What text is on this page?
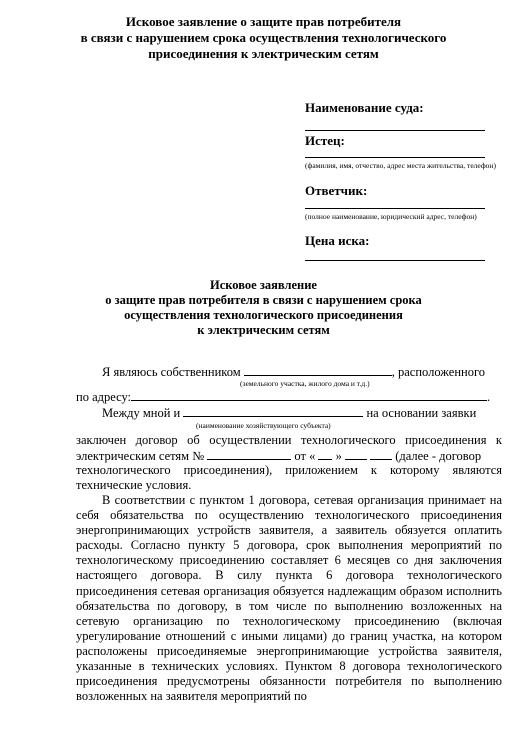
Исковое заявление о защите прав потребителя
в связи с нарушением срока осуществления технологического
присоединения к электрическим сетям
Наименование суда:
Истец:
(фамилия, имя, отчество, адрес места жительства, телефон)
Ответчик:
(полное наименование, юридический адрес, телефон)
Цена иска:
Исковое заявление
о защите прав потребителя в связи с нарушением срока
осуществления технологического присоединения
к электрическим сетям
Я являюсь собственником	, расположенного
(земельного участка, жилого дома и т.д.)
по адресу:	.
Между мной и	на основании заявки
(наименование хозяйствующего субъекта)
заключен договор об осуществлении технологического присоединения к
электрическим сетям №	от « »	(далее - договор
технологического присоединения), приложением к которому являются
технические условия.

В соответствии с пунктом 1 договора, сетевая организация принимает на себя обязательства по осуществлению технологического присоединения энергопринимающих устройств заявителя, а заявитель обязуется оплатить расходы. Согласно пункту 5 договора, срок выполнения мероприятий по технологическому присоединению составляет 6 месяцев со дня заключения настоящего договора. В силу пункта 6 договора технологического присоединения сетевая организация обязуется надлежащим образом исполнить обязательства по договору, в том числе по выполнению возложенных на сетевую организацию по технологическому присоединению (включая урегулирование отношений с иными лицами) до границ участка, на котором расположены присоединяемые энергопринимающие устройства заявителя, указанные в технических условиях. Пунктом 8 договора технологического присоединения предусмотрены обязанности потребителя по выполнению возложенных на заявителя мероприятий по
